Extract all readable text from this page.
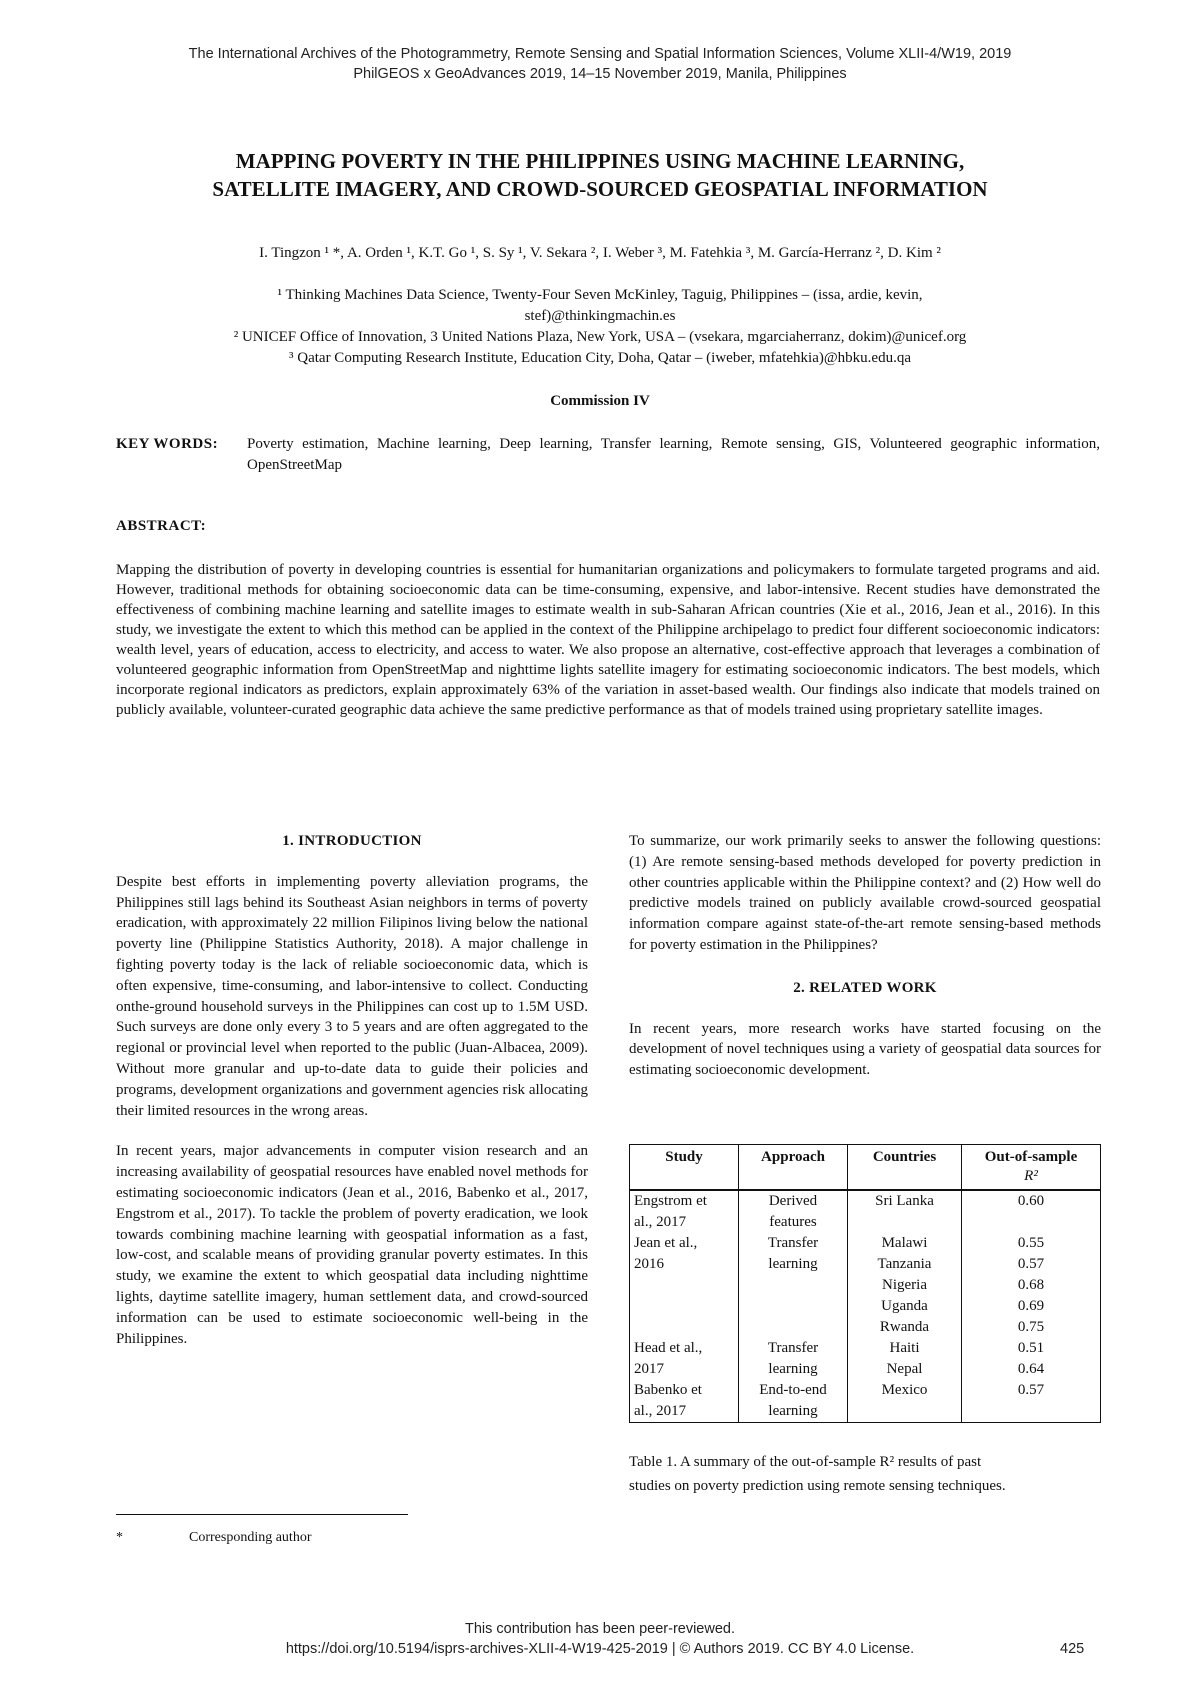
The International Archives of the Photogrammetry, Remote Sensing and Spatial Information Sciences, Volume XLII-4/W19, 2019
PhilGEOS x GeoAdvances 2019, 14–15 November 2019, Manila, Philippines
MAPPING POVERTY IN THE PHILIPPINES USING MACHINE LEARNING,
SATELLITE IMAGERY, AND CROWD-SOURCED GEOSPATIAL INFORMATION
I. Tingzon ¹ *, A. Orden ¹, K.T. Go ¹, S. Sy ¹, V. Sekara ², I. Weber ³, M. Fatehkia ³, M. García-Herranz ², D. Kim ²
¹ Thinking Machines Data Science, Twenty-Four Seven McKinley, Taguig, Philippines – (issa, ardie, kevin,
stef)@thinkingmachin.es
² UNICEF Office of Innovation, 3 United Nations Plaza, New York, USA – (vsekara, mgarciaherranz, dokim)@unicef.org
³ Qatar Computing Research Institute, Education City, Doha, Qatar – (iweber, mfatehkia)@hbku.edu.qa
Commission IV
KEY WORDS: Poverty estimation, Machine learning, Deep learning, Transfer learning, Remote sensing, GIS, Volunteered geographic information, OpenStreetMap
ABSTRACT:
Mapping the distribution of poverty in developing countries is essential for humanitarian organizations and policymakers to formulate targeted programs and aid. However, traditional methods for obtaining socioeconomic data can be time-consuming, expensive, and labor-intensive. Recent studies have demonstrated the effectiveness of combining machine learning and satellite images to estimate wealth in sub-Saharan African countries (Xie et al., 2016, Jean et al., 2016). In this study, we investigate the extent to which this method can be applied in the context of the Philippine archipelago to predict four different socioeconomic indicators: wealth level, years of education, access to electricity, and access to water. We also propose an alternative, cost-effective approach that leverages a combination of volunteered geographic information from OpenStreetMap and nighttime lights satellite imagery for estimating socioeconomic indicators. The best models, which incorporate regional indicators as predictors, explain approximately 63% of the variation in asset-based wealth. Our findings also indicate that models trained on publicly available, volunteer-curated geographic data achieve the same predictive performance as that of models trained using proprietary satellite images.
1. INTRODUCTION
Despite best efforts in implementing poverty alleviation programs, the Philippines still lags behind its Southeast Asian neighbors in terms of poverty eradication, with approximately 22 million Filipinos living below the national poverty line (Philippine Statistics Authority, 2018). A major challenge in fighting poverty today is the lack of reliable socioeconomic data, which is often expensive, time-consuming, and labor-intensive to collect. Conducting onthe-ground household surveys in the Philippines can cost up to 1.5M USD. Such surveys are done only every 3 to 5 years and are often aggregated to the regional or provincial level when reported to the public (Juan-Albacea, 2009). Without more granular and up-to-date data to guide their policies and programs, development organizations and government agencies risk allocating their limited resources in the wrong areas.
In recent years, major advancements in computer vision research and an increasing availability of geospatial resources have enabled novel methods for estimating socioeconomic indicators (Jean et al., 2016, Babenko et al., 2017, Engstrom et al., 2017). To tackle the problem of poverty eradication, we look towards combining machine learning with geospatial information as a fast, low-cost, and scalable means of providing granular poverty estimates. In this study, we examine the extent to which geospatial data including nighttime lights, daytime satellite imagery, human settlement data, and crowd-sourced information can be used to estimate socioeconomic well-being in the Philippines.
To summarize, our work primarily seeks to answer the following questions: (1) Are remote sensing-based methods developed for poverty prediction in other countries applicable within the Philippine context? and (2) How well do predictive models trained on publicly available crowd-sourced geospatial information compare against state-of-the-art remote sensing-based methods for poverty estimation in the Philippines?
2. RELATED WORK
In recent years, more research works have started focusing on the development of novel techniques using a variety of geospatial data sources for estimating socioeconomic development.
Study	Approach	Countries	Out-of-sample
R²

Engstrom et	Derived	Sri Lanka	0.60
al., 2017	features		
Jean et al.,	Transfer	Malawi	0.55
2016	learning	Tanzania	0.57
		Nigeria	0.68
		Uganda	0.69
		Rwanda	0.75
Head et al.,	Transfer	Haiti	0.51
2017	learning	Nepal	0.64
Babenko et	End-to-end	Mexico	0.57
al., 2017	learning		
Table 1. A summary of the out-of-sample R² results of past
studies on poverty prediction using remote sensing techniques.
*	Corresponding author
This contribution has been peer-reviewed.
https://doi.org/10.5194/isprs-archives-XLII-4-W19-425-2019 | © Authors 2019. CC BY 4.0 License.	425
